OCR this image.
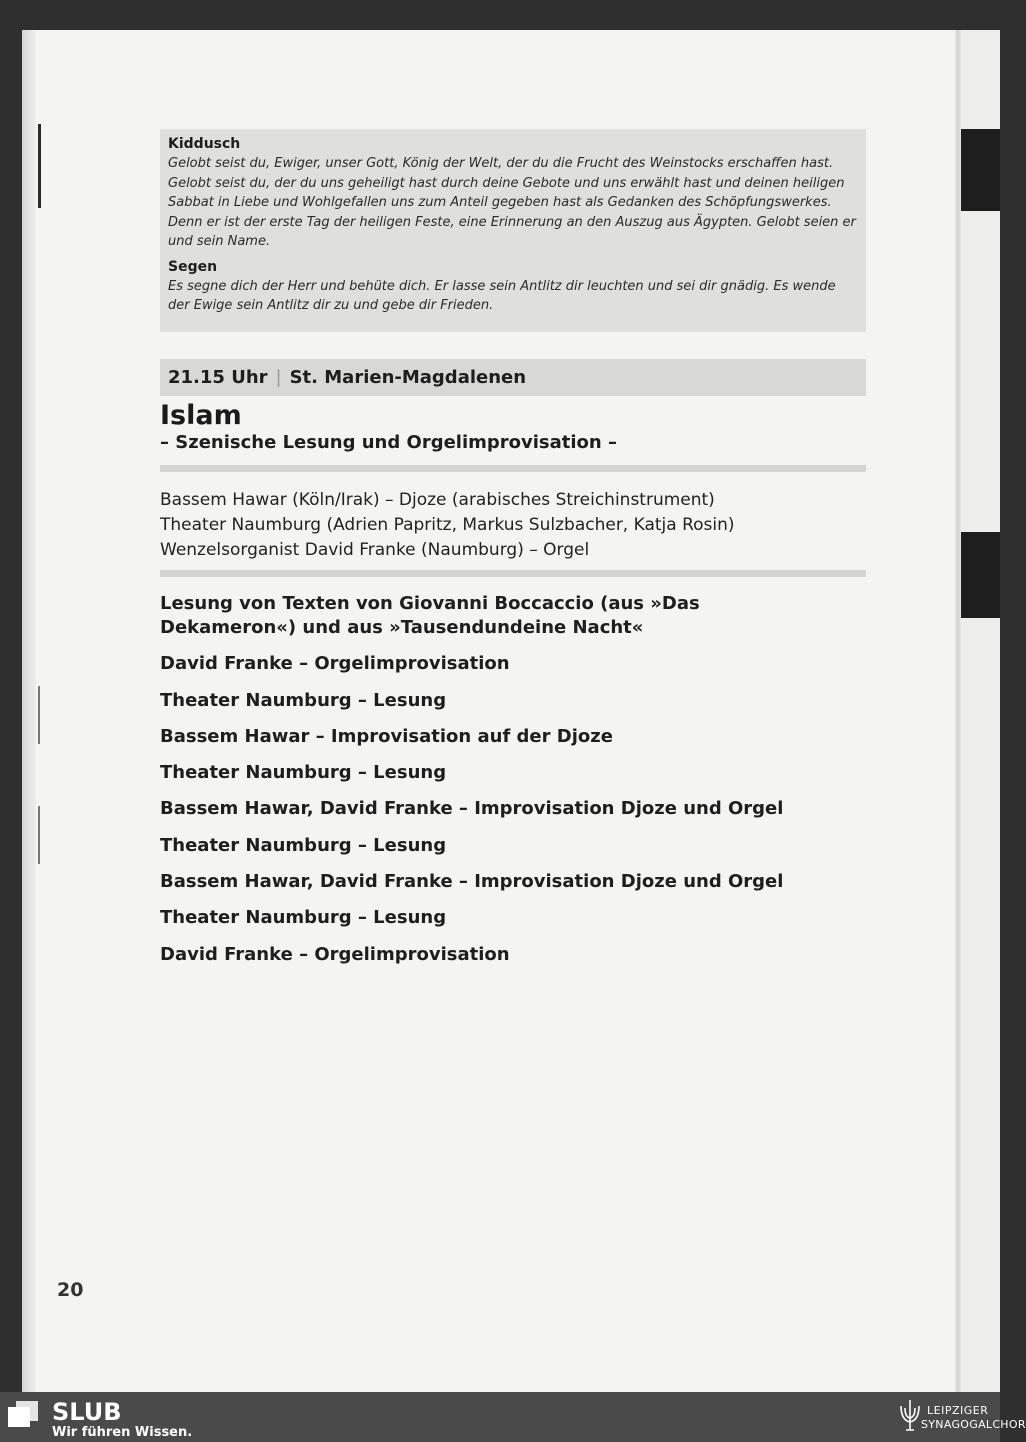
Kiddusch

Gelobt seist du, Ewiger, unser Gott, König der Welt, der du die Frucht des Weinstocks erschaffen hast. Gelobt seist du, der du uns geheiligt hast durch deine Gebote und uns erwählt hast und deinen heiligen Sabbat in Liebe und Wohlgefallen uns zum Anteil gegeben hast als Gedanken des Schöpfungswerkes. Denn er ist der erste Tag der heiligen Feste, eine Erinnerung an den Auszug aus Ägypten. Gelobt seien er und sein Name.

Segen

Es segne dich der Herr und behüte dich. Er lasse sein Antlitz dir leuchten und sei dir gnädig. Es wende der Ewige sein Antlitz dir zu und gebe dir Frieden.

21.15 Uhr | St. Marien-Magdalenen
Islam
– Szenische Lesung und Orgelimprovisation –
Bassem Hawar (Köln/Irak) – Djoze (arabisches Streichinstrument)
Theater Naumburg (Adrien Papritz, Markus Sulzbacher, Katja Rosin)
Wenzelsorganist David Franke (Naumburg) – Orgel
Lesung von Texten von Giovanni Boccaccio (aus »Das Dekameron«) und aus »Tausendundeine Nacht«
David Franke – Orgelimprovisation
Theater Naumburg – Lesung
Bassem Hawar – Improvisation auf der Djoze
Theater Naumburg – Lesung
Bassem Hawar, David Franke – Improvisation Djoze und Orgel
Theater Naumburg – Lesung
Bassem Hawar, David Franke – Improvisation Djoze und Orgel
Theater Naumburg – Lesung
David Franke – Orgelimprovisation
20
SLUB
Wir führen Wissen.
LEIPZIGER
SYNAGOGALCHOR
